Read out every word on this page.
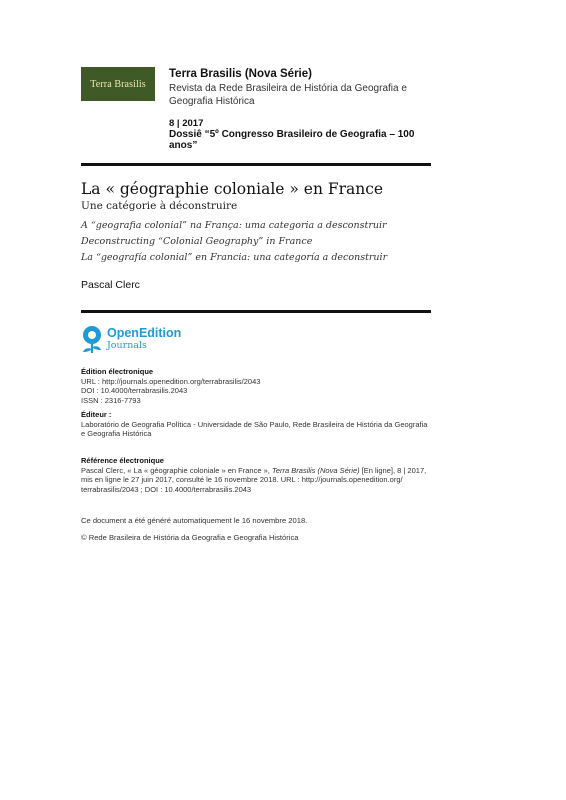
Terra Brasilis
Terra Brasilis (Nova Série)
Revista da Rede Brasileira de História da Geografia e Geografia Histórica
8 | 2017
Dossiê “5º Congresso Brasileiro de Geografia – 100 anos”
La « géographie coloniale » en France
Une catégorie à déconstruire
A “geografia colonial” na França: uma categoria a desconstruir
Deconstructing “Colonial Geography” in France
La “geografía colonial” en Francia: una categoría a deconstruir
Pascal Clerc
OpenEdition
Journals
Édition électronique
URL : http://journals.openedition.org/terrabrasilis/2043
DOI : 10.4000/terrabrasilis.2043
ISSN : 2316-7793
Éditeur :
Laboratório de Geografia Política - Universidade de São Paulo, Rede Brasileira de História da Geografia e Geografia Histórica
Référence électronique
Pascal Clerc, « La « géographie coloniale » en France », Terra Brasilis (Nova Série) [En ligne], 8 | 2017, mis en ligne le 27 juin 2017, consulté le 16 novembre 2018. URL : http://journals.openedition.org/ terrabrasilis/2043 ; DOI : 10.4000/terrabrasilis.2043
Ce document a été généré automatiquement le 16 novembre 2018.
© Rede Brasileira de História da Geografia e Geografia Histórica
